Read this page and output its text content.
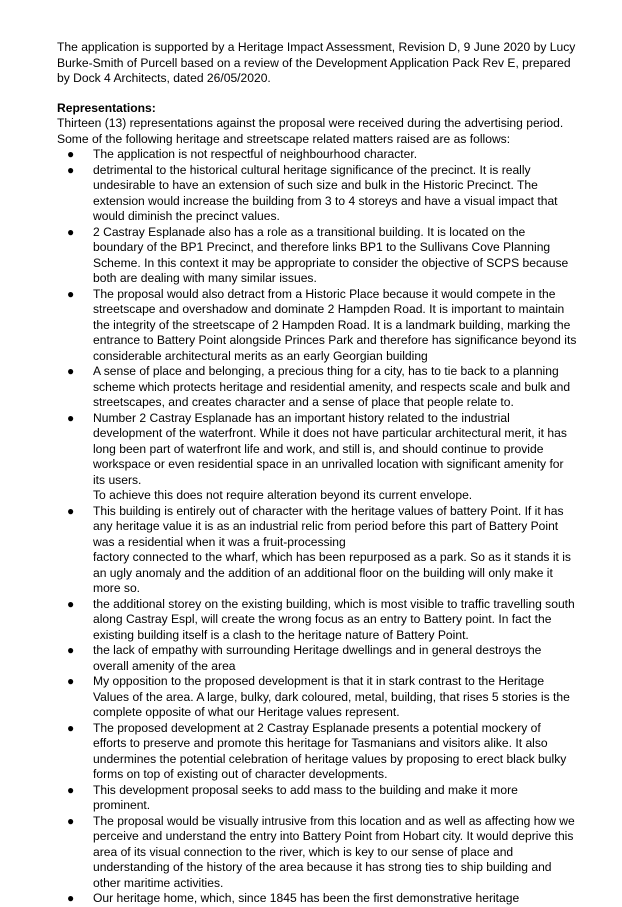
The application is supported by a Heritage Impact Assessment, Revision D, 9 June 2020 by Lucy Burke-Smith of Purcell based on a review of the Development Application Pack Rev E, prepared by Dock 4 Architects, dated 26/05/2020.

Representations:

Thirteen (13) representations against the proposal were received during the advertising period. Some of the following heritage and streetscape related matters raised are as follows:

● The application is not respectful of neighbourhood character.
● detrimental to the historical cultural heritage significance of the precinct. It is really undesirable to have an extension of such size and bulk in the Historic Precinct. The extension would increase the building from 3 to 4 storeys and have a visual impact that would diminish the precinct values.
● 2 Castray Esplanade also has a role as a transitional building. It is located on the boundary of the BP1 Precinct, and therefore links BP1 to the Sullivans Cove Planning Scheme. In this context it may be appropriate to consider the objective of SCPS because both are dealing with many similar issues.
● The proposal would also detract from a Historic Place because it would compete in the streetscape and overshadow and dominate 2 Hampden Road. It is important to maintain the integrity of the streetscape of 2 Hampden Road. It is a landmark building, marking the entrance to Battery Point alongside Princes Park and therefore has significance beyond its considerable architectural merits as an early Georgian building
● A sense of place and belonging, a precious thing for a city, has to tie back to a planning scheme which protects heritage and residential amenity, and respects scale and bulk and streetscapes, and creates character and a sense of place that people relate to.
● Number 2 Castray Esplanade has an important history related to the industrial development of the waterfront. While it does not have particular architectural merit, it has long been part of waterfront life and work, and still is, and should continue to provide workspace or even residential space in an unrivalled location with significant amenity for its users.
To achieve this does not require alteration beyond its current envelope.
● This building is entirely out of character with the heritage values of battery Point. If it has any heritage value it is as an industrial relic from period before this part of Battery Point was a residential when it was a fruit-processing
factory connected to the wharf, which has been repurposed as a park. So as it stands it is an ugly anomaly and the addition of an additional floor on the building will only make it more so.
● the additional storey on the existing building, which is most visible to traffic travelling south along Castray Espl, will create the wrong focus as an entry to Battery point. In fact the existing building itself is a clash to the heritage nature of Battery Point.
● the lack of empathy with surrounding Heritage dwellings and in general destroys the overall amenity of the area
● My opposition to the proposed development is that it in stark contrast to the Heritage Values of the area. A large, bulky, dark coloured, metal, building, that rises 5 stories is the complete opposite of what our Heritage values represent.
● The proposed development at 2 Castray Esplanade presents a potential mockery of efforts to preserve and promote this heritage for Tasmanians and visitors alike. It also undermines the potential celebration of heritage values by proposing to erect black bulky forms on top of existing out of character developments.
● This development proposal seeks to add mass to the building and make it more prominent.
● The proposal would be visually intrusive from this location and as well as affecting how we perceive and understand the entry into Battery Point from Hobart city. It would deprive this area of its visual connection to the river, which is key to our sense of place and understanding of the history of the area because it has strong ties to ship building and other maritime activities.
● Our heritage home, which, since 1845 has been the first demonstrative heritage
